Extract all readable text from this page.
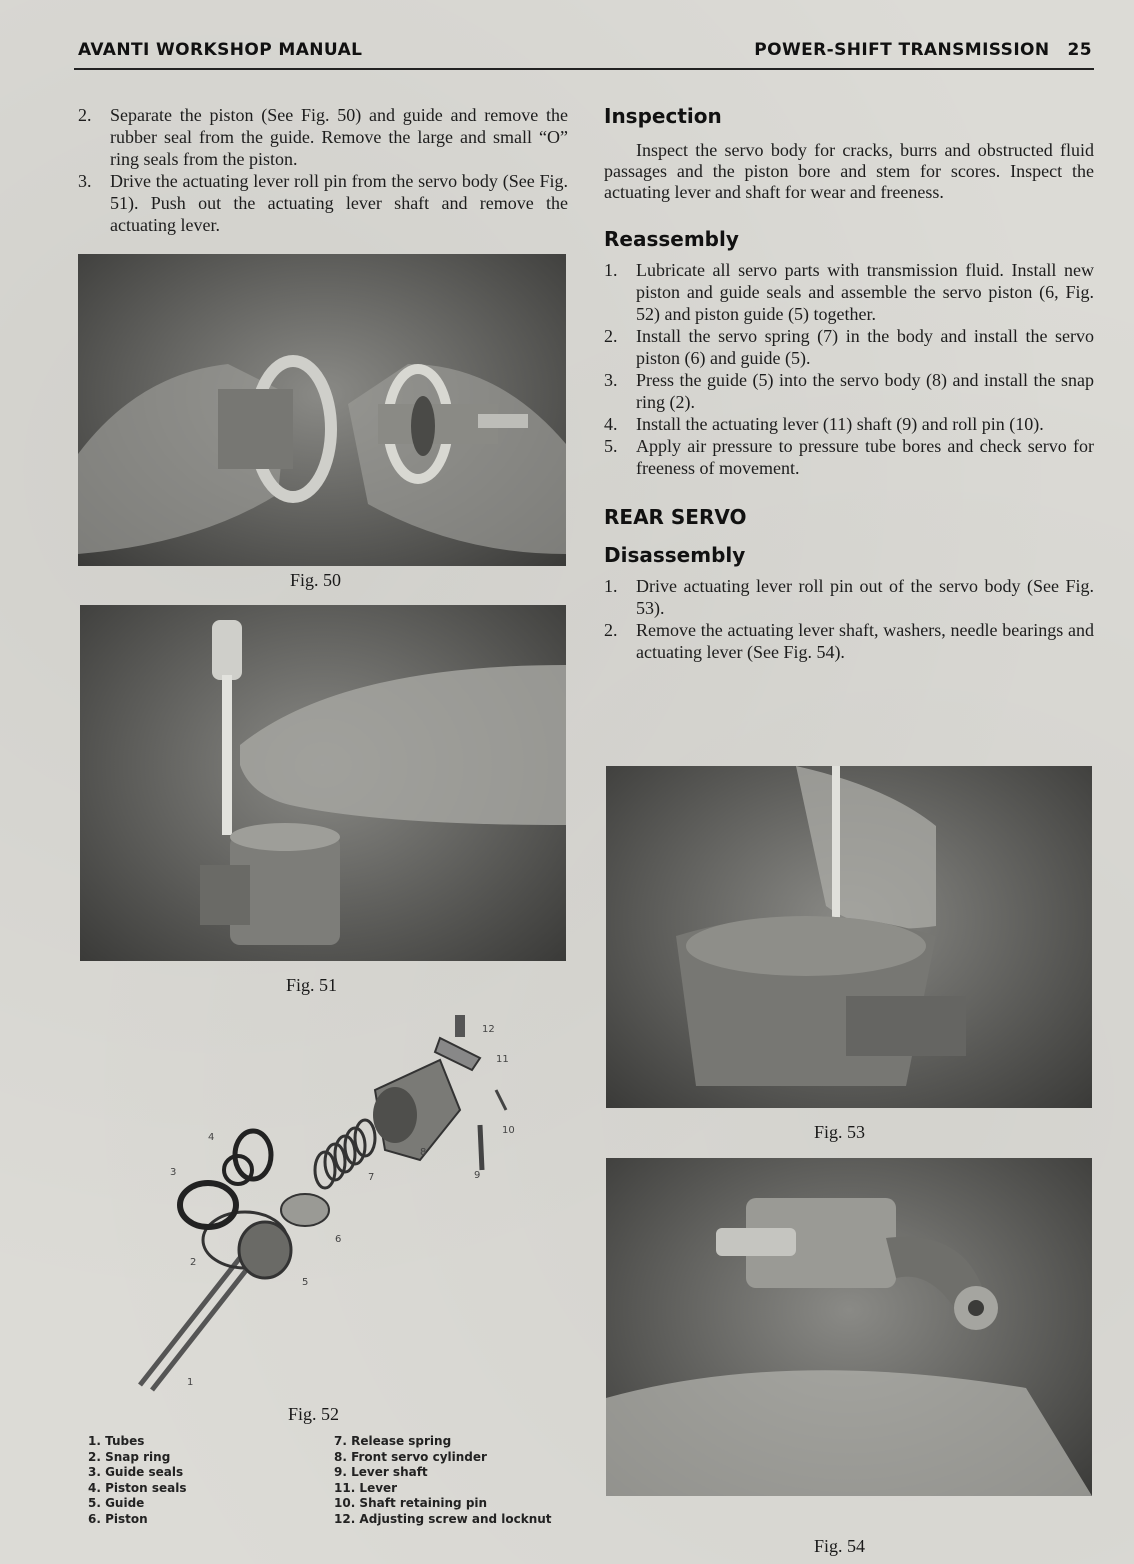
AVANTI WORKSHOP MANUAL	POWER-SHIFT TRANSMISSION 25
2. Separate the piston (See Fig. 50) and guide and remove the rubber seal from the guide. Remove the large and small “O” ring seals from the piston.
3. Drive the actuating lever roll pin from the servo body (See Fig. 51). Push out the actuating lever shaft and remove the actuating lever.
Fig. 50
Fig. 51
1
2
3
4
5
6
7
8
9
10
11
12
Fig. 52
1. Tubes
2. Snap ring
3. Guide seals
4. Piston seals
5. Guide
6. Piston
7. Release spring
8. Front servo cylinder
9. Lever shaft
11. Lever
10. Shaft retaining pin
12. Adjusting screw and locknut
Inspection

Inspect the servo body for cracks, burrs and obstructed fluid passages and the piston bore and stem for scores. Inspect the actuating lever and shaft for wear and freeness.

Reassembly
1. Lubricate all servo parts with transmission fluid. Install new piston and guide seals and assemble the servo piston (6, Fig. 52) and piston guide (5) together.
2. Install the servo spring (7) in the body and install the servo piston (6) and guide (5).
3. Press the guide (5) into the servo body (8) and install the snap ring (2).
4. Install the actuating lever (11) shaft (9) and roll pin (10).
5. Apply air pressure to pressure tube bores and check servo for freeness of movement.
REAR SERVO
Disassembly
1. Drive actuating lever roll pin out of the servo body (See Fig. 53).
2. Remove the actuating lever shaft, washers, needle bearings and actuating lever (See Fig. 54).
Fig. 53
Fig. 54
